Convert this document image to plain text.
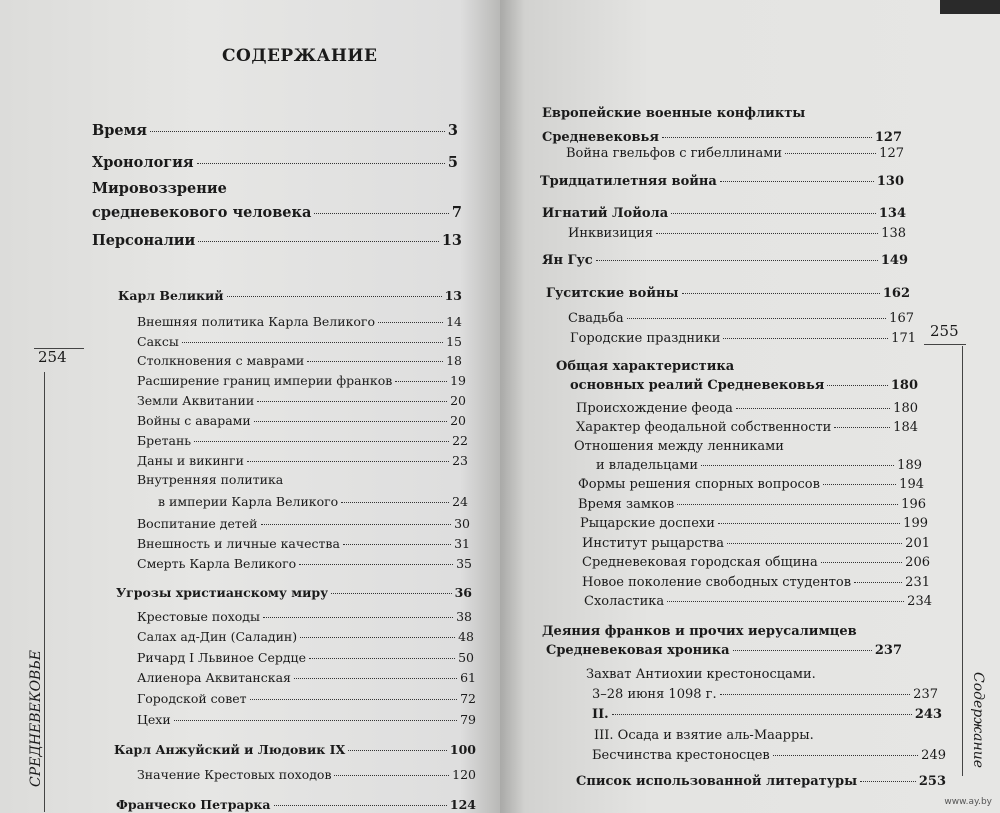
СОДЕРЖАНИЕ
254
СРЕДНЕВЕКОВЬЕ
Время	3
Хронология	5
Мировоззрение
средневекового человека	7
Персоналии	13
Карл Великий	13
Внешняя политика Карла Великого	14
Саксы	15
Столкновения с маврами	18
Расширение границ империи франков	19
Земли Аквитании	20
Войны с аварами	20
Бретань	22
Даны и викинги	23
Внутренняя политика
в империи Карла Великого	24
Воспитание детей	30
Внешность и личные качества	31
Смерть Карла Великого	35
Угрозы христианскому миру	36
Крестовые походы	38
Салах ад-Дин (Саладин)	48
Ричард I Львиное Сердце	50
Алиенора Аквитанская	61
Городской совет	72
Цехи	79
Карл Анжуйский и Людовик IX	100
Значение Крестовых походов	120
Франческо Петрарка	124
255
Содержание
Европейские военные конфликты
Средневековья	127
Война гвельфов с гибеллинами	127
Тридцатилетняя война	130
Игнатий Лойола	134
Инквизиция	138
Ян Гус	149
Гуситские войны	162
Свадьба	167
Городские праздники	171
Общая характеристика
основных реалий Средневековья	180
Происхождение феода	180
Характер феодальной собственности	184
Отношения между ленниками
и владельцами	189
Формы решения спорных вопросов	194
Время замков	196
Рыцарские доспехи	199
Институт рыцарства	201
Средневековая городская община	206
Новое поколение свободных студентов	231
Схоластика	234
Деяния франков и прочих иерусалимцев
Средневековая хроника	237
Захват Антиохии крестоносцами.
3–28 июня 1098 г.	237
II.	243
III. Осада и взятие аль-Маарры.
Бесчинства крестоносцев	249
Список использованной литературы	253
www.ay.by
